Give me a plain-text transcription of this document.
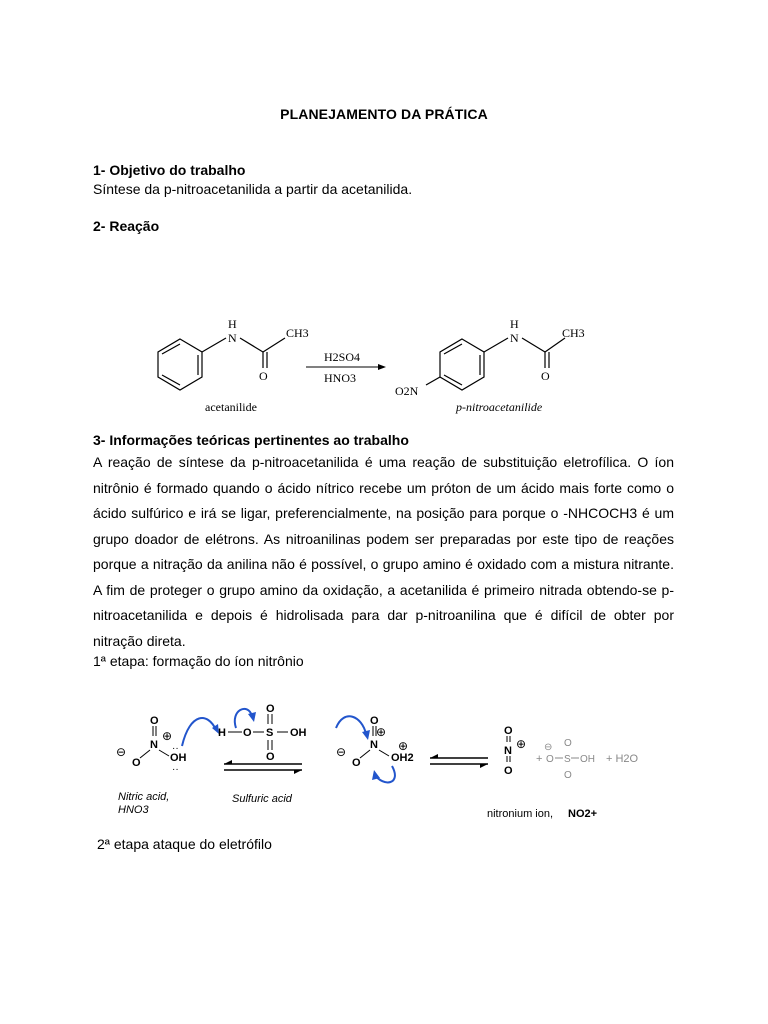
PLANEJAMENTO DA PRÁTICA
1- Objetivo do trabalho
Síntese da p-nitroacetanilida a partir da acetanilida.
2- Reação
H
N
O
CH3
acetanilide
H2SO4
HNO3
H
N
O
CH3
O2N
p-nitroacetanilide
3- Informações teóricas pertinentes ao trabalho
A reação de síntese da p-nitroacetanilida é uma reação de substituição eletrofílica. O íon nitrônio é formado quando o ácido nítrico recebe um próton de um ácido mais forte como o ácido sulfúrico e irá se ligar, preferencialmente, na posição para porque o -NHCOCH3 é um grupo doador de elétrons. As nitroanilinas podem ser preparadas por este tipo de reações porque a nitração da anilina não é possível, o grupo amino é oxidado com a mistura nitrante. A fim de proteger o grupo amino da oxidação, a acetanilida é primeiro nitrada obtendo-se p-nitroacetanilida e depois é hidrolisada para dar p-nitroanilina que é difícil de obter por nitração direta.
1ª etapa: formação do íon nitrônio
O
N
⊕
O
⊖	OH
··
··
H O S
O
O
OH
O
N
⊕
O
⊖	OH2
⊕
O
N ⊕
O
+
⊖
O S
O
O
OH + H2O
Nitric acid,
HNO3
Sulfuric acid
nitronium ion, NO2+
2ª etapa ataque do eletrófilo
